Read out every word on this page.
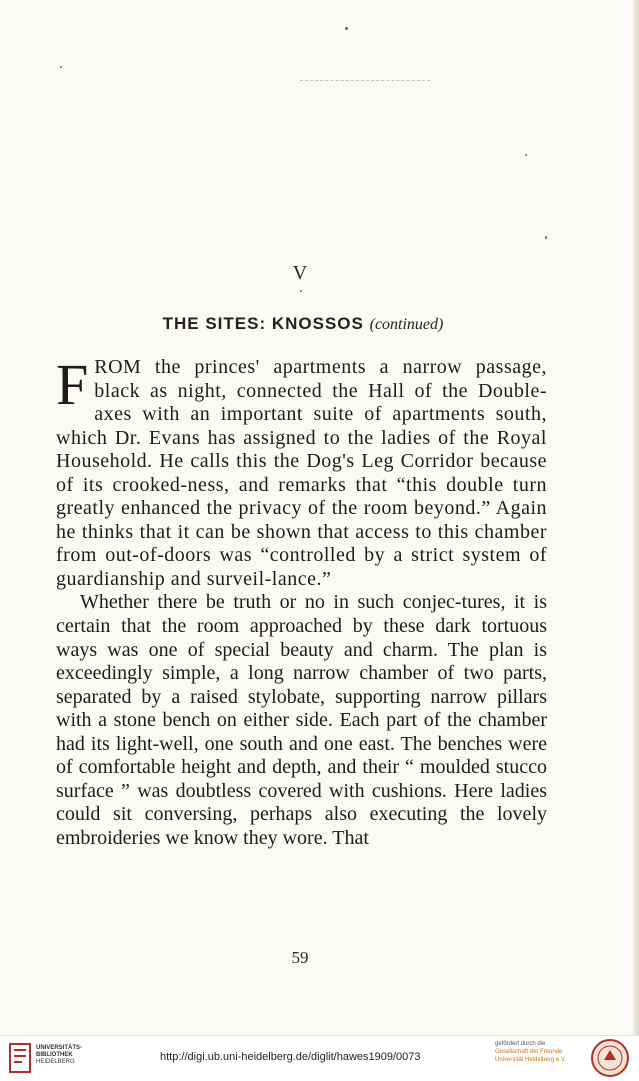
V
THE SITES: KNOSSOS (continued)

FROM the princes' apartments a narrow passage, black as night, connected the Hall of the Double-axes with an important suite of apartments south, which Dr. Evans has assigned to the ladies of the Royal Household. He calls this the Dog's Leg Corridor because of its crooked-ness, and remarks that “this double turn greatly enhanced the privacy of the room beyond.” Again he thinks that it can be shown that access to this chamber from out-of-doors was “controlled by a strict system of guardianship and surveil-lance.”

Whether there be truth or no in such conjec-tures, it is certain that the room approached by these dark tortuous ways was one of special beauty and charm. The plan is exceedingly simple, a long narrow chamber of two parts, separated by a raised stylobate, supporting narrow pillars with a stone bench on either side. Each part of the chamber had its light-well, one south and one east. The benches were of comfortable height and depth, and their “ moulded stucco surface ” was doubtless covered with cushions. Here ladies could sit conversing, perhaps also executing the lovely embroideries we know they wore. That

59
UNIVERSITÄTS-
BIBLIOTHEK
HEIDELBERG	http://digi.ub.uni-heidelberg.de/diglit/hawes1909/0073
gefördert durch die
Gesellschaft der Freunde
Universität Heidelberg e.V.
